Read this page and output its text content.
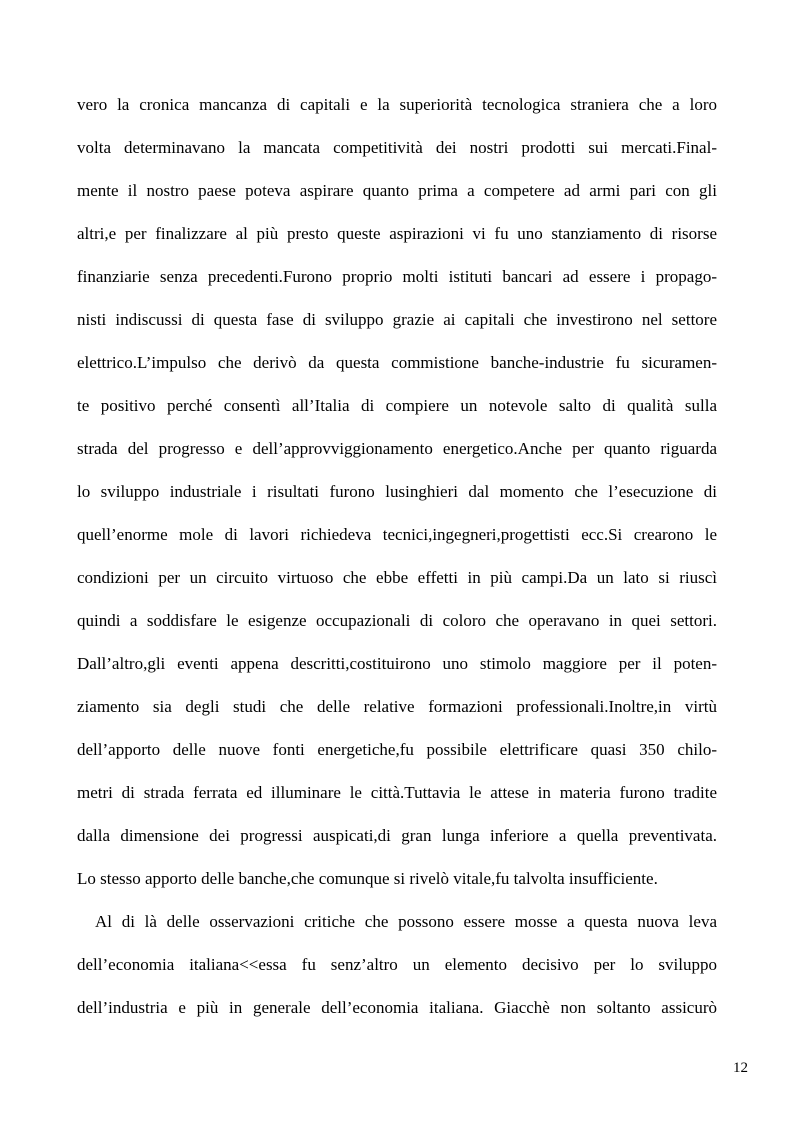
vero la cronica mancanza di capitali e la superiorità tecnologica straniera che a loro
volta determinavano la mancata competitività dei nostri prodotti sui mercati.Final-
mente il nostro paese poteva aspirare quanto prima a competere ad armi pari con gli
altri,e per finalizzare al più presto queste aspirazioni vi fu uno stanziamento di risorse
finanziarie senza precedenti.Furono proprio molti istituti bancari ad essere i propago-
nisti indiscussi di questa fase di sviluppo grazie ai capitali che investirono nel settore
elettrico.L’impulso che derivò da questa commistione banche-industrie fu sicuramen-
te positivo perché consentì all’Italia di compiere un notevole salto di qualità sulla
strada del progresso e dell’approvviggionamento energetico.Anche per quanto riguarda
lo sviluppo industriale i risultati furono lusinghieri dal momento che l’esecuzione di
quell’enorme mole di lavori richiedeva tecnici,ingegneri,progettisti ecc.Si crearono le
condizioni per un circuito virtuoso che ebbe effetti in più campi.Da un lato si riuscì
quindi a soddisfare le esigenze occupazionali di coloro che operavano in quei settori.
Dall’altro,gli eventi appena descritti,costituirono uno stimolo maggiore per il poten-
ziamento sia degli studi che delle relative formazioni professionali.Inoltre,in virtù
dell’apporto delle nuove fonti energetiche,fu possibile elettrificare quasi 350 chilo-
metri di strada ferrata ed illuminare le città.Tuttavia le attese in materia furono tradite
dalla dimensione dei progressi auspicati,di gran lunga inferiore a quella preventivata.
Lo stesso apporto delle banche,che comunque si rivelò vitale,fu talvolta insufficiente.
Al di là delle osservazioni critiche che possono essere mosse a questa nuova leva
dell’economia italiana<<essa fu senz’altro un elemento decisivo per lo sviluppo
dell’industria e più in generale dell’economia italiana. Giacchè non soltanto assicurò
12
